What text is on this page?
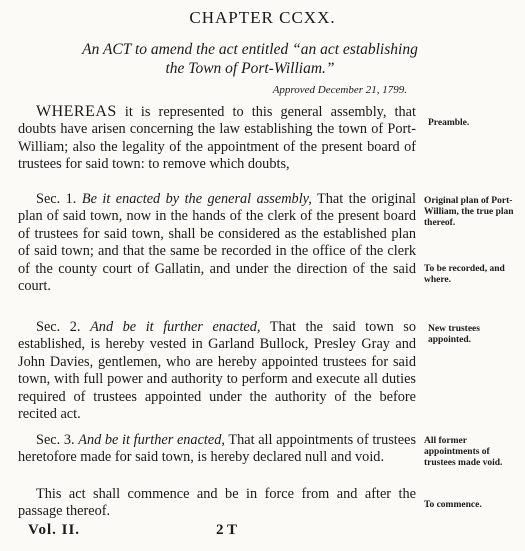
CHAPTER CCXX.
An ACT to amend the act entitled “an act establishing
the Town of Port-William.”
Approved December 21, 1799.

WHEREAS it is represented to this general assembly, that doubts have arisen concerning the law establishing the town of Port-William; also the legality of the appointment of the present board of trustees for said town: to remove which doubts,

Sec. 1. Be it enacted by the general assembly, That the original plan of said town, now in the hands of the clerk of the present board of trustees for said town, shall be considered as the established plan of said town; and that the same be recorded in the office of the clerk of the county court of Gallatin, and under the direction of the said court.

Sec. 2. And be it further enacted, That the said town so established, is hereby vested in Garland Bullock, Presley Gray and John Davies, gentlemen, who are hereby appointed trustees for said town, with full power and authority to perform and execute all duties required of trustees appointed under the authority of the before recited act.

Sec. 3. And be it further enacted, That all appointments of trustees heretofore made for said town, is hereby declared null and void.

This act shall commence and be in force from and after the passage thereof.

Preamble.
Original plan of Port-William, the true plan thereof.
To be recorded, and where.
New trustees appointed.
All former appointments of trustees made void.
To commence.
Vol. II.	2 T
